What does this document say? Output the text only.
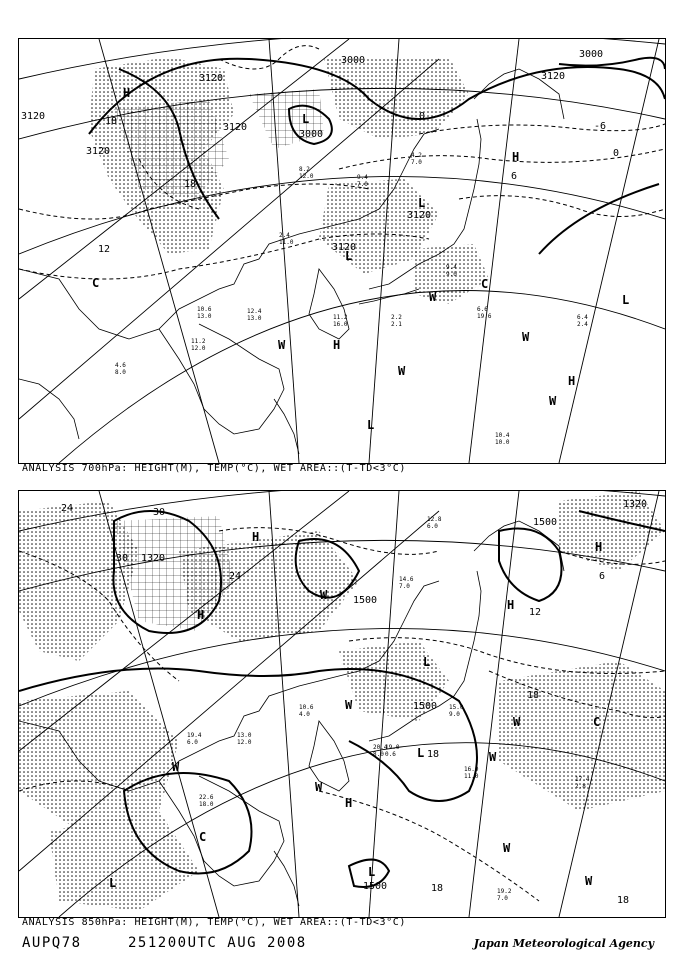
H
L
L
L
H
C
W	L
H
W
W
H
W
L
C
W
3120
3120
3120
3000
3000
3000
3120
3120
3120
18
18
12
3120
0
6
0
-6
2.4
11.0
4.2
7.0
8.2
12.0
10.6
13.0
11.2
12.0
12.4
13.0	11.2
16.0
9.4
9.0
6.6
19.6	6.4
2.4
10.4
10.0
2.2
2.1
9.4
7.0
4.6
8.0
ANALYSIS 700hPa: HEIGHT(M), TEMP(°C), WET AREA::(T-TD<3°C)
H
H
W
H
L
H
W
W
C
W
H
L
W
C
W
L
W
L
W
24	30
30 1320
24
1500
1500
1320
12
6
1500
18
18
18
18
1500
16.0
11.0	17.4
2.8
19.2
7.0
13.0
12.0
22.6
18.0
20.4
8.0
14.6
7.0
12.8
6.0
19.0
0.6
10.6
4.0
15.0
9.0
19.4
6.0
ANALYSIS 850hPa: HEIGHT(M), TEMP(°C), WET AREA::(T-TD<3°C)
AUPQ78	251200UTC AUG 2008	Japan Meteorological Agency
